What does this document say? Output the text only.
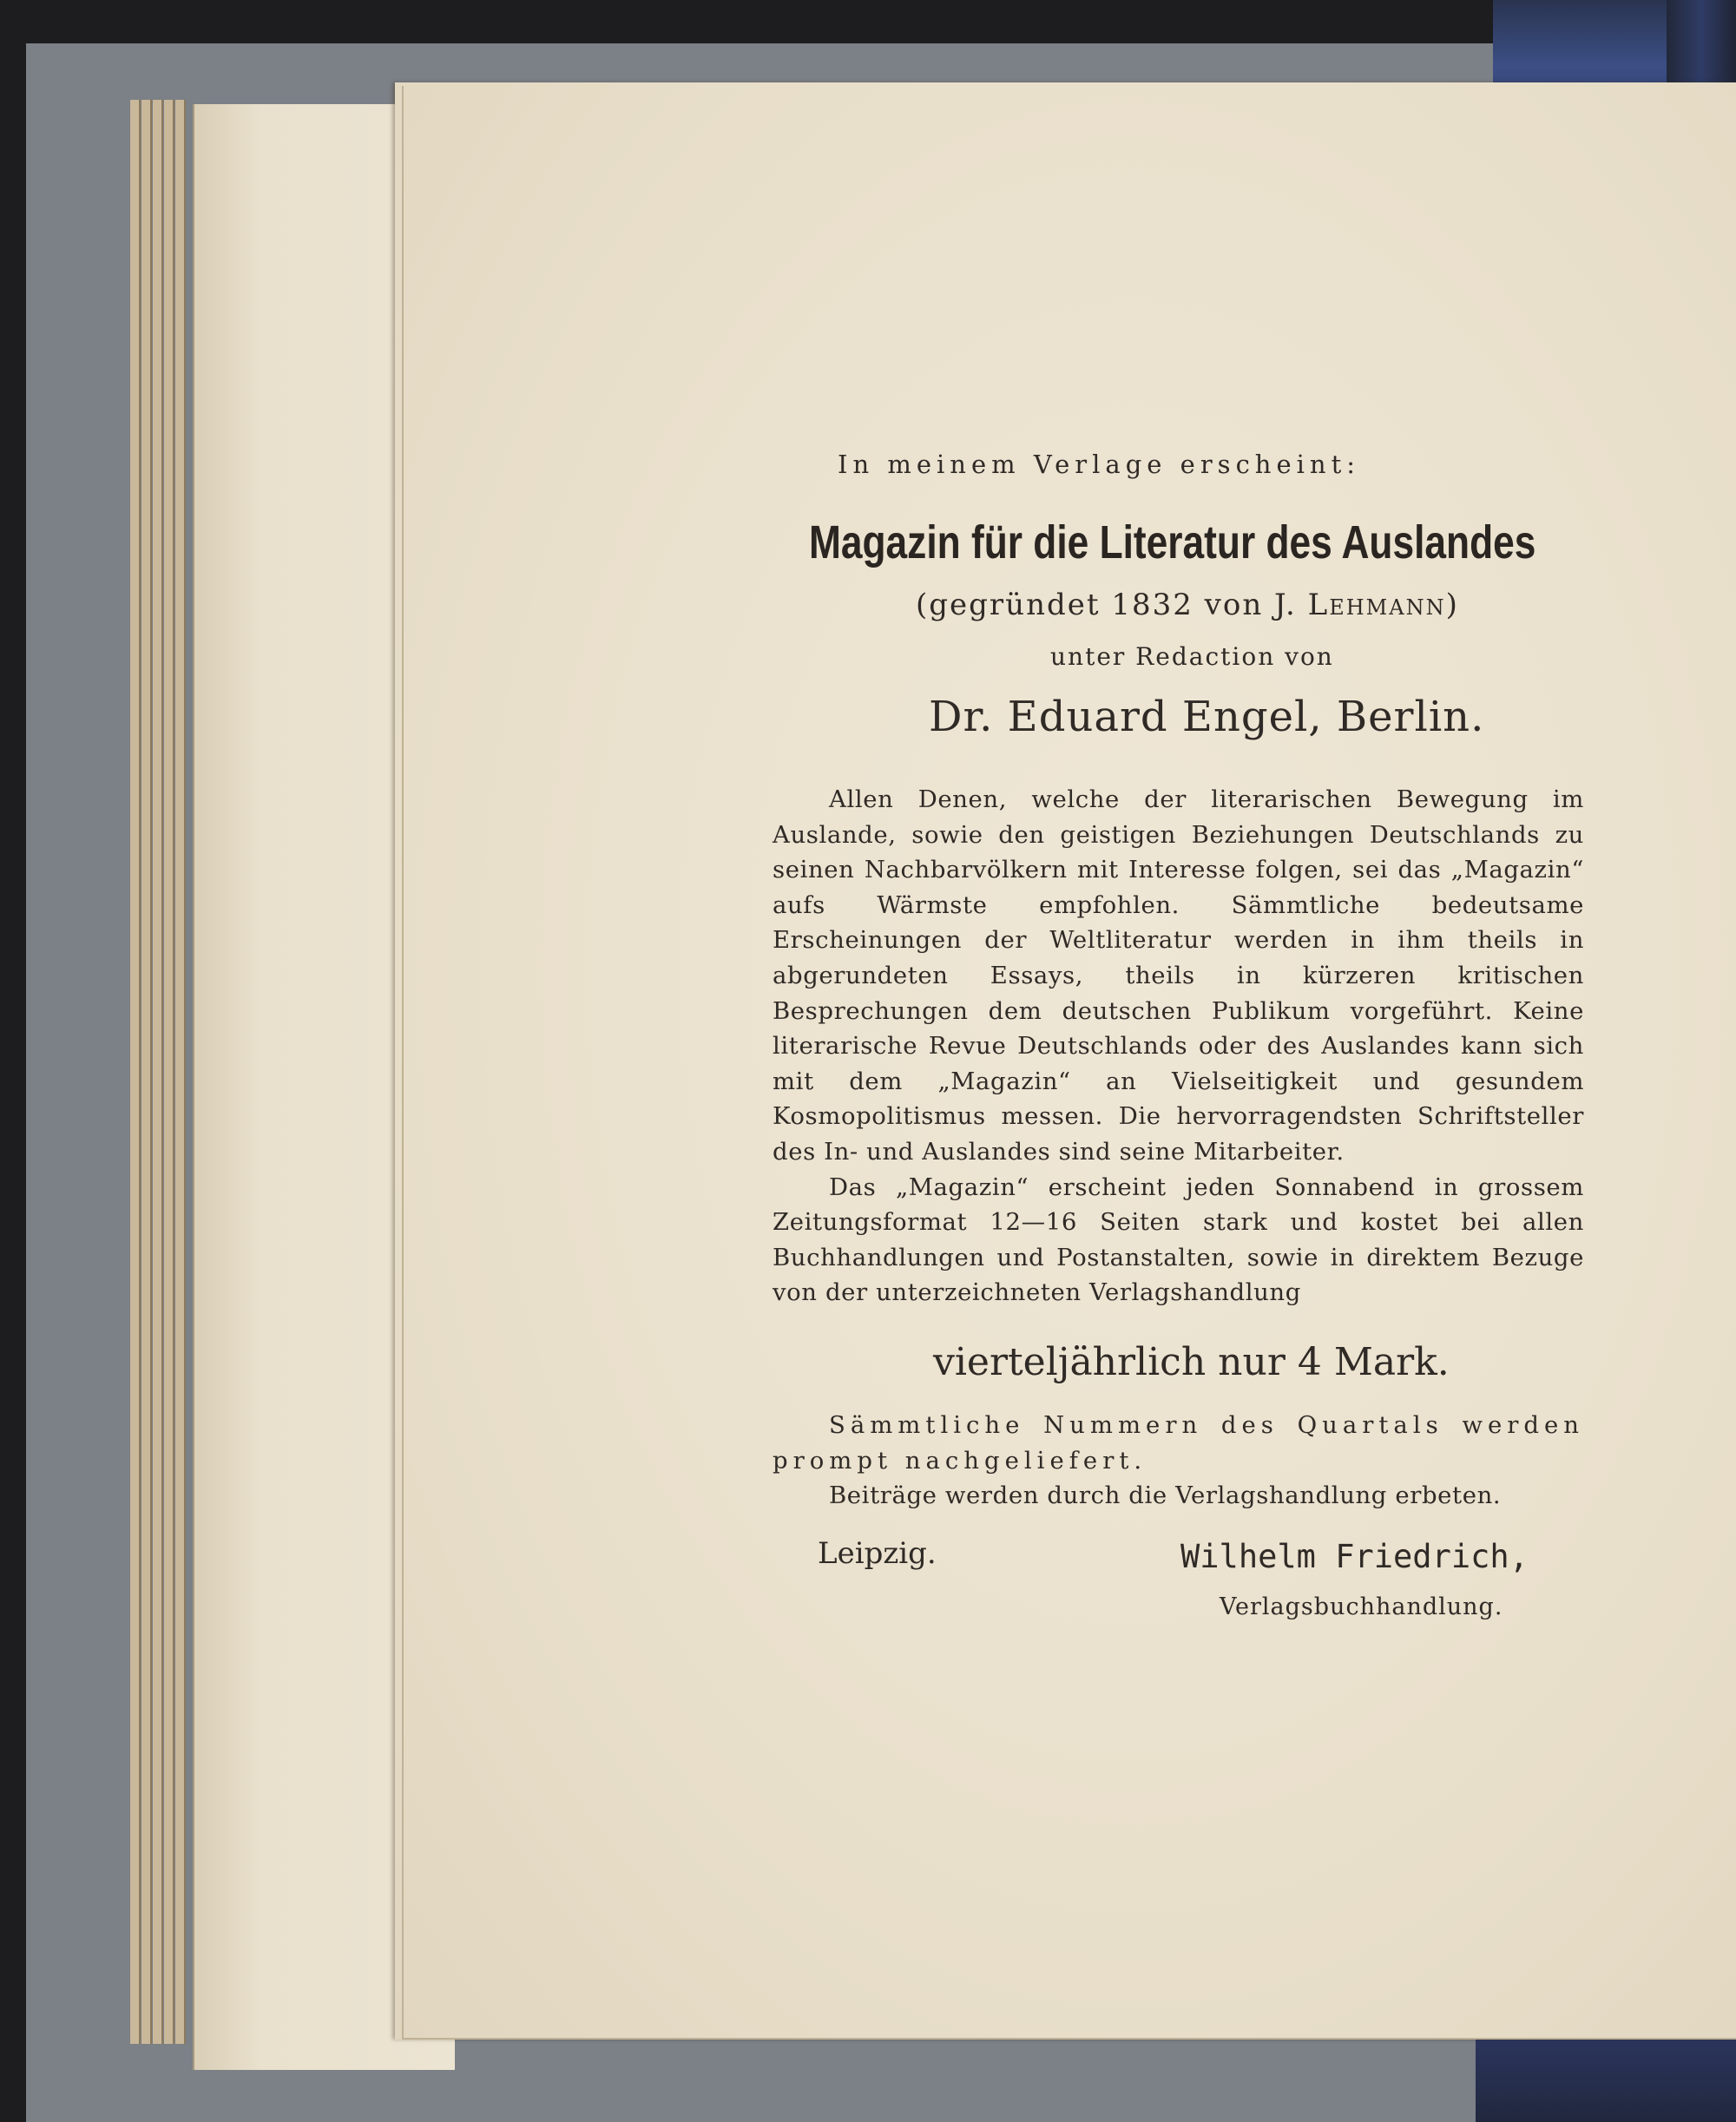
In meinem Verlage erscheint:
Magazin für die Literatur des Auslandes
(gegründet 1832 von J. Lehmann)
unter Redaction von
Dr. Eduard Engel, Berlin.
Allen Denen, welche der literarischen Bewegung im Auslande, sowie den geistigen Beziehungen Deutschlands zu seinen Nachbarvölkern mit Interesse folgen, sei das „Magazin“ aufs Wärmste empfohlen. Sämmtliche bedeutsame Erscheinungen der Weltliteratur werden in ihm theils in abgerundeten Essays, theils in kürzeren kritischen Besprechungen dem deutschen Publikum vorgeführt. Keine literarische Revue Deutschlands oder des Auslandes kann sich mit dem „Magazin“ an Vielseitigkeit und gesundem Kosmopolitismus messen. Die hervorragendsten Schriftsteller des In- und Auslandes sind seine Mitarbeiter.
Das „Magazin“ erscheint jeden Sonnabend in grossem Zeitungsformat 12—16 Seiten stark und kostet bei allen Buchhandlungen und Postanstalten, sowie in direktem Bezuge von der unterzeichneten Verlagshandlung
vierteljährlich nur 4 Mark.
Sämmtliche Nummern des Quartals werden prompt nachgeliefert.
Beiträge werden durch die Verlagshandlung erbeten.
Leipzig.	Wilhelm Friedrich,
Verlagsbuchhandlung.
